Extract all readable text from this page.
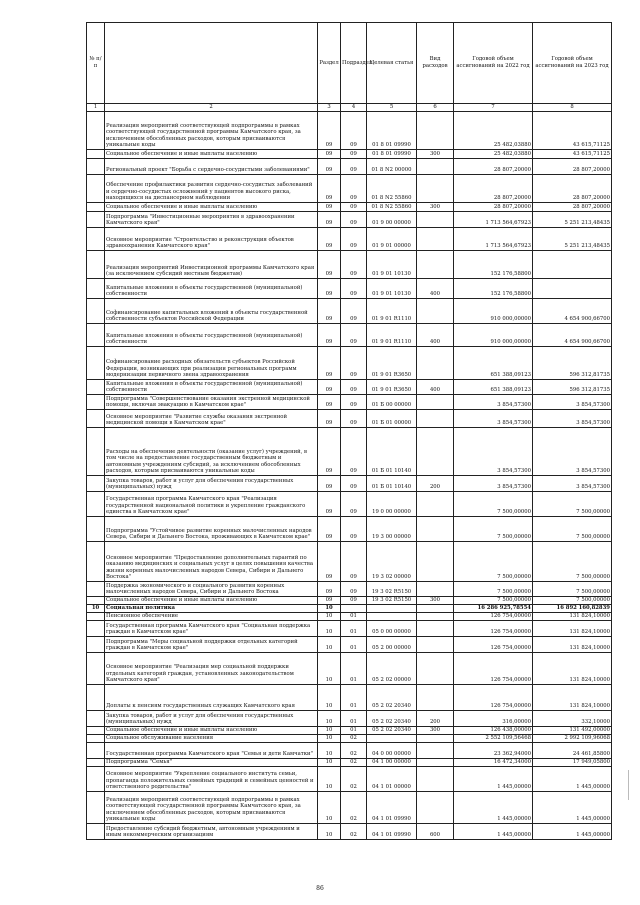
№ п/п		Раздел	Подраздел	Целевая статья	Вид расходов	Годовой объем ассигнований на 2022 год	Годовой объем ассигнований на 2023 год
1	2	3	4	5	6	7	8
	Реализация мероприятий соответствующей подпрограммы в рамках соответствующей государственной программы Камчатского края, за исключением обособленных расходов, которым присваиваются уникальные коды	09	09	01 8 01 09990		25 482,03880	43 615,71125
	Социальное обеспечение и иные выплаты населению	09	09	01 8 01 09990	300	25 482,03880	43 615,71125
	Региональный проект "Борьба с сердечно-сосудистыми заболеваниями"	09	09	01 8 N2 00000		28 807,20000	28 807,20000
	Обеспечение профилактики развития сердечно-сосудистых заболеваний и сердечно-сосудистых осложнений у пациентов высокого риска, находящихся на диспансерном наблюдении	09	09	01 8 N2 55860		28 807,20000	28 807,20000
	Социальное обеспечение и иные выплаты населению	09	09	01 8 N2 55860	300	28 807,20000	28 807,20000
	Подпрограмма "Инвестиционные мероприятия в здравоохранении Камчатского края"	09	09	01 9 00 00000		1 713 564,67923	5 251 213,48435
	Основное мероприятие "Строительство и реконструкция объектов здравоохранения Камчатского края"	09	09	01 9 01 00000		1 713 564,67923	5 251 213,48435
	Реализация мероприятий Инвестиционной программы Камчатского края (за исключением субсидий местным бюджетам)	09	09	01 9 01 10130		152 176,58800	
	Капитальные вложения в объекты государственной (муниципальной) собственности	09	09	01 9 01 10130	400	152 176,58800	
	Софинансирование капитальных вложений в объекты государственной собственности субъектов Российской Федерации	09	09	01 9 01 R1110		910 000,00000	4 654 900,66700
	Капитальные вложения в объекты государственной (муниципальной) собственности	09	09	01 9 01 R1110	400	910 000,00000	4 654 900,66700
	Софинансирование расходных обязательств субъектов Российской Федерации, возникающих при реализации региональных программ модернизации первичного звена здравоохранения	09	09	01 9 01 R3650		651 388,09123	596 312,81735
	Капитальные вложения в объекты государственной (муниципальной) собственности	09	09	01 9 01 R3650	400	651 388,09123	596 312,81735
	Подпрограмма "Совершенствование оказания экстренной медицинской помощи, включая эвакуацию в Камчатском крае"	09	09	01 Б 00 00000		3 854,57300	3 854,57300
	Основное мероприятие "Развитие службы оказания экстренной медицинской помощи в Камчатском крае"	09	09	01 Б 01 00000		3 854,57300	3 854,57300
	Расходы на обеспечение деятельности (оказание услуг) учреждений, в том числе на предоставление государственным бюджетным и автономным учреждениям субсидий, за исключением обособленных расходов, которым присваиваются уникальные коды	09	09	01 Б 01 10140		3 854,57300	3 854,57300
	Закупка товаров, работ и услуг для обеспечения государственных (муниципальных) нужд	09	09	01 Б 01 10140	200	3 854,57300	3 854,57300
	Государственная программа Камчатского края "Реализация государственной национальной политики и укрепление гражданского единства в Камчатском крае"	09	09	19 0 00 00000		7 500,00000	7 500,00000
	Подпрограмма "Устойчивое развитие коренных малочисленных народов Севера, Сибири и Дальнего Востока, проживающих в Камчатском крае"	09	09	19 3 00 00000		7 500,00000	7 500,00000
	Основное мероприятие "Предоставление дополнительных гарантий по оказанию медицинских и социальных услуг в целях повышения качества жизни коренных малочисленных народов Севера, Сибири и Дальнего Востока"	09	09	19 3 02 00000		7 500,00000	7 500,00000
	Поддержка экономического и социального развития коренных малочисленных народов Севера, Сибири и Дальнего Востока	09	09	19 3 02 R5150		7 500,00000	7 500,00000
	Социальное обеспечение и иные выплаты населению	09	09	19 3 02 R5150	300	7 500,00000	7 500,00000
10	Социальная политика	10				16 286 925,78554	16 892 160,82839
	Пенсионное обеспечение	10	01			126 754,00000	131 824,10000
	Государственная программа Камчатского края "Социальная поддержка граждан в Камчатском крае"	10	01	05 0 00 00000		126 754,00000	131 824,10000
	Подпрограмма "Меры социальной поддержки отдельных категорий граждан в Камчатском крае"	10	01	05 2 00 00000		126 754,00000	131 824,10000
	Основное мероприятие "Реализация мер социальной поддержки отдельных категорий граждан, установленных законодательством Камчатского края"	10	01	05 2 02 00000		126 754,00000	131 824,10000
	Доплаты к пенсиям государственных служащих Камчатского края	10	01	05 2 02 20340		126 754,00000	131 824,10000
	Закупка товаров, работ и услуг для обеспечения государственных (муниципальных) нужд	10	01	05 2 02 20340	200	316,00000	332,10000
	Социальное обеспечение и иные выплаты населению	10	01	05 2 02 20340	300	126 438,00000	131 492,00000
	Социальное обслуживание населения	10	02			2 552 109,56468	2 992 109,96068
	Государственная программа Камчатского края "Семья и дети Камчатки"	10	02	04 0 00 00000		23 362,94000	24 461,85800
	Подпрограмма "Семья"	10	02	04 1 00 00000		16 472,34000	17 949,05800
	Основное мероприятие "Укрепление социального института семьи, пропаганда положительных семейных традиций и семейных ценностей и ответственного родительства"	10	02	04 1 01 00000		1 445,00000	1 445,00000
	Реализация мероприятий соответствующей подпрограммы в рамках соответствующей государственной программы Камчатского края, за исключением обособленных расходов, которым присваиваются уникальные коды	10	02	04 1 01 09990		1 445,00000	1 445,00000
	Предоставление субсидий бюджетным, автономным учреждениям и иным некоммерческим организациям	10	02	04 1 01 09990	600	1 445,00000	1 445,00000
86
